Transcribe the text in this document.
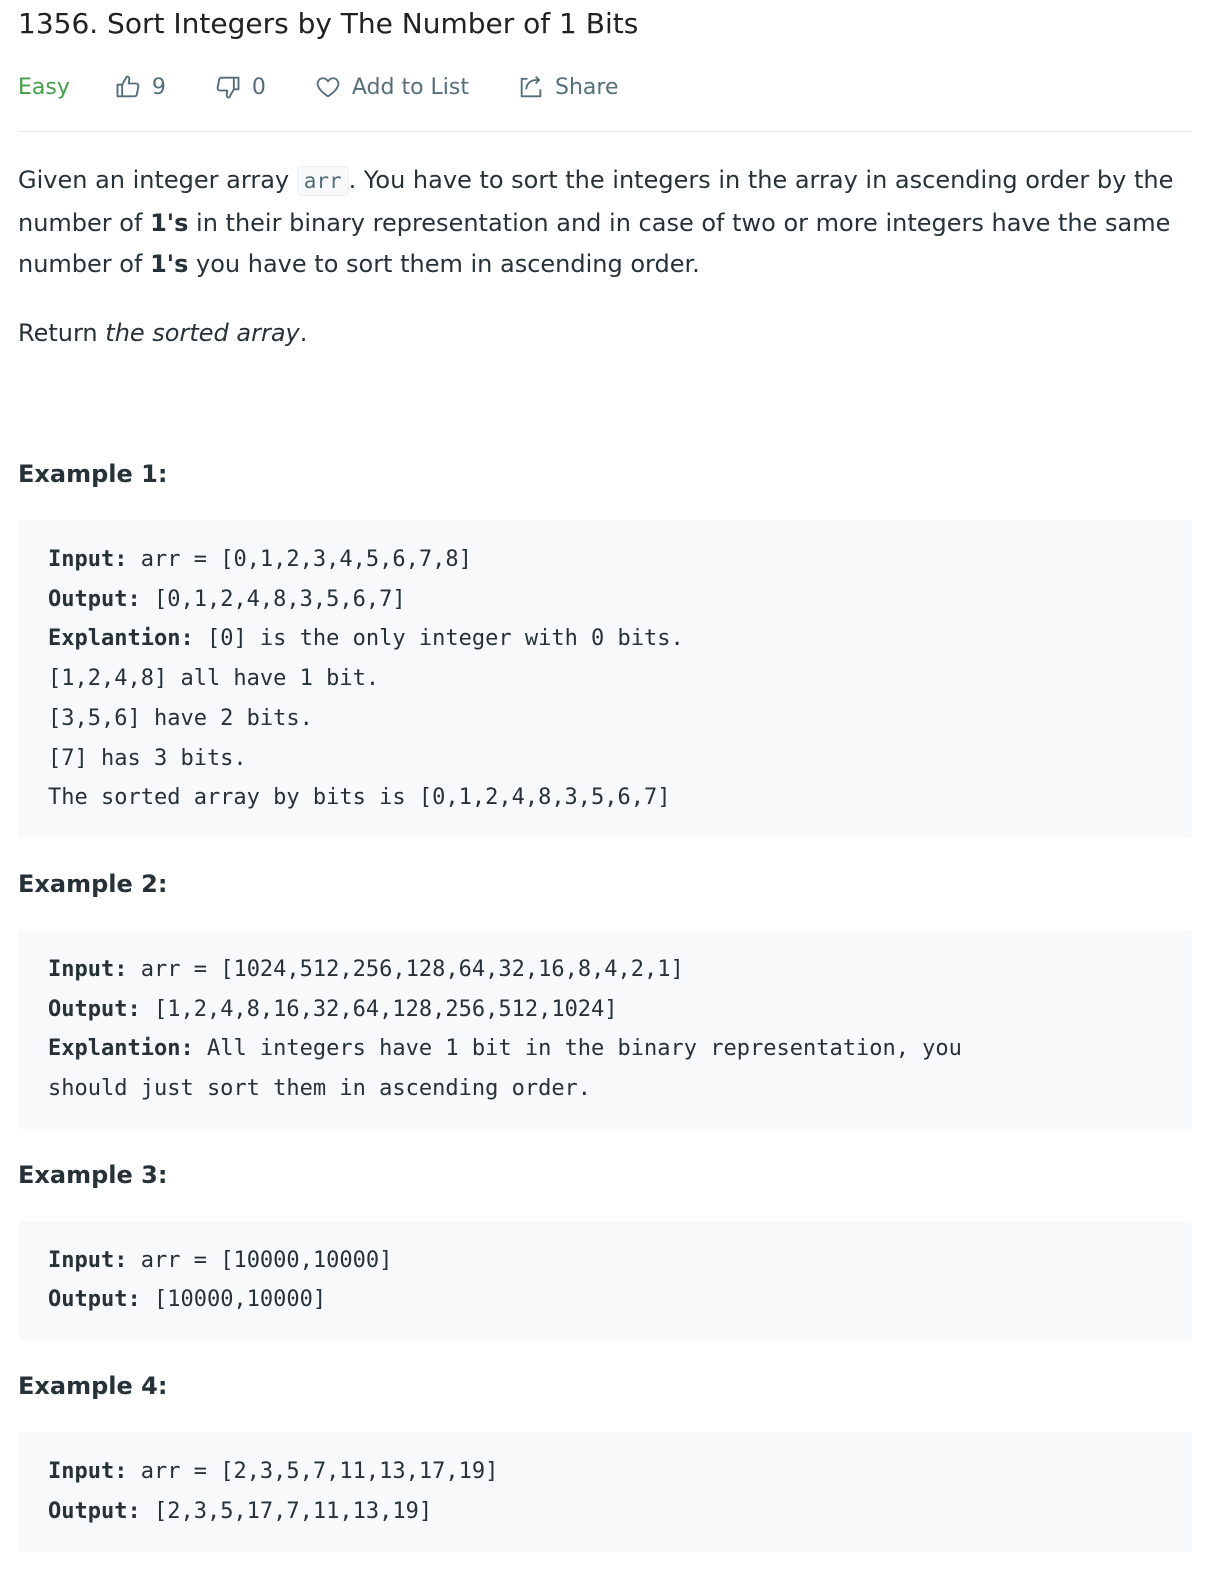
1356. Sort Integers by The Number of 1 Bits
Easy	9	0	Add to List	Share

Given an integer array arr . You have to sort the integers in the array in ascending order by the number of 1's in their binary representation and in case of two or more integers have the same number of 1's you have to sort them in ascending order.

Return the sorted array.

Example 1:
Input: arr = [0,1,2,3,4,5,6,7,8]
Output: [0,1,2,4,8,3,5,6,7]
Explantion: [0] is the only integer with 0 bits.
[1,2,4,8] all have 1 bit.
[3,5,6] have 2 bits.
[7] has 3 bits.
The sorted array by bits is [0,1,2,4,8,3,5,6,7]
Example 2:
Input: arr = [1024,512,256,128,64,32,16,8,4,2,1]
Output: [1,2,4,8,16,32,64,128,256,512,1024]
Explantion: All integers have 1 bit in the binary representation, you
should just sort them in ascending order.
Example 3:
Input: arr = [10000,10000]
Output: [10000,10000]
Example 4:
Input: arr = [2,3,5,7,11,13,17,19]
Output: [2,3,5,17,7,11,13,19]
